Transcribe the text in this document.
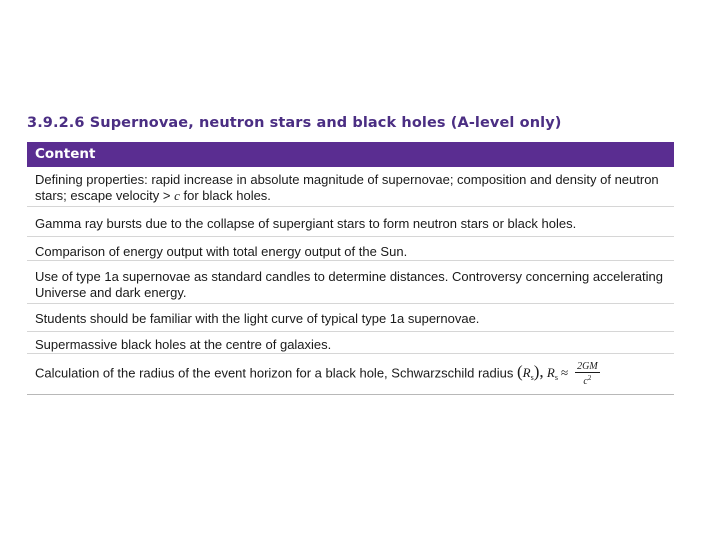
3.9.2.6 Supernovae, neutron stars and black holes (A-level only)
Content
Defining properties: rapid increase in absolute magnitude of supernovae; composition and density of neutron stars; escape velocity > c for black holes.
Gamma ray bursts due to the collapse of supergiant stars to form neutron stars or black holes.
Comparison of energy output with total energy output of the Sun.
Use of type 1a supernovae as standard candles to determine distances. Controversy concerning accelerating Universe and dark energy.
Students should be familiar with the light curve of typical type 1a supernovae.
Supermassive black holes at the centre of galaxies.
Calculation of the radius of the event horizon for a black hole, Schwarzschild radius $(R_s)$, $R_s \approx \frac{2GM}{c^2}$
